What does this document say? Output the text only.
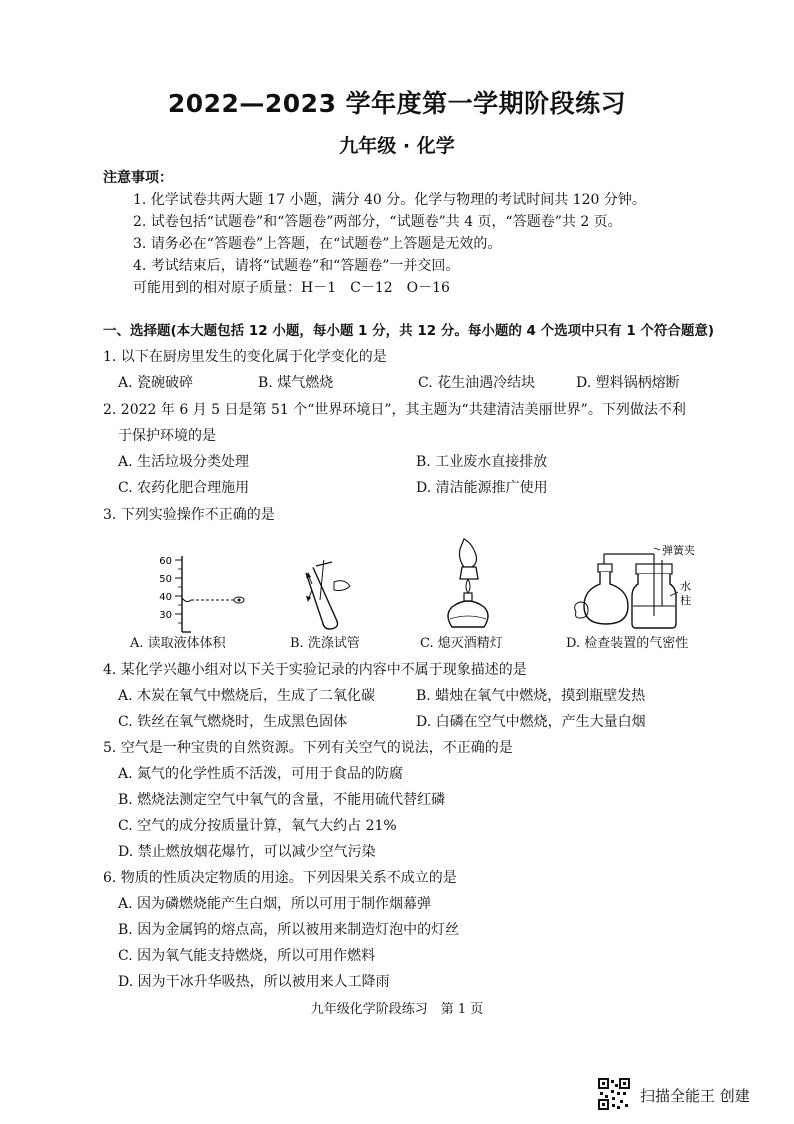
2022—2023 学年度第一学期阶段练习
九年级 · 化学
注意事项：
1. 化学试卷共两大题 17 小题，满分 40 分。化学与物理的考试时间共 120 分钟。
2. 试卷包括“试题卷”和“答题卷”两部分，“试题卷”共 4 页，“答题卷”共 2 页。
3. 请务必在“答题卷”上答题，在“试题卷”上答题是无效的。
4. 考试结束后，请将“试题卷”和“答题卷”一并交回。
可能用到的相对原子质量：H－1　C－12　O－16
一、选择题(本大题包括 12 小题，每小题 1 分，共 12 分。每小题的 4 个选项中只有 1 个符合题意)
1. 以下在厨房里发生的变化属于化学变化的是
A. 瓷碗破碎	B. 煤气燃烧	C. 花生油遇冷结块	D. 塑料锅柄熔断
2. 2022 年 6 月 5 日是第 51 个“世界环境日”，其主题为“共建清洁美丽世界”。下列做法不利
于保护环境的是
A. 生活垃圾分类处理	B. 工业废水直接排放
C. 农药化肥合理施用	D. 清洁能源推广使用
3. 下列实验操作不正确的是
60
50
40
30
A. 读取液体体积	B. 洗涤试管	C. 熄灭酒精灯
弹簧夹
水
柱
D. 检查装置的气密性
4. 某化学兴趣小组对以下关于实验记录的内容中不属于现象描述的是
A. 木炭在氧气中燃烧后，生成了二氧化碳	B. 蜡烛在氧气中燃烧，摸到瓶壁发热
C. 铁丝在氧气燃烧时，生成黑色固体	D. 白磷在空气中燃烧，产生大量白烟
5. 空气是一种宝贵的自然资源。下列有关空气的说法，不正确的是
A. 氮气的化学性质不活泼，可用于食品的防腐
B. 燃烧法测定空气中氧气的含量，不能用硫代替红磷
C. 空气的成分按质量计算，氧气大约占 21%
D. 禁止燃放烟花爆竹，可以减少空气污染
6. 物质的性质决定物质的用途。下列因果关系不成立的是
A. 因为磷燃烧能产生白烟，所以可用于制作烟幕弹
B. 因为金属钨的熔点高，所以被用来制造灯泡中的灯丝
C. 因为氧气能支持燃烧，所以可用作燃料
D. 因为干冰升华吸热，所以被用来人工降雨
九年级化学阶段练习　第 1 页
扫描全能王 创建
